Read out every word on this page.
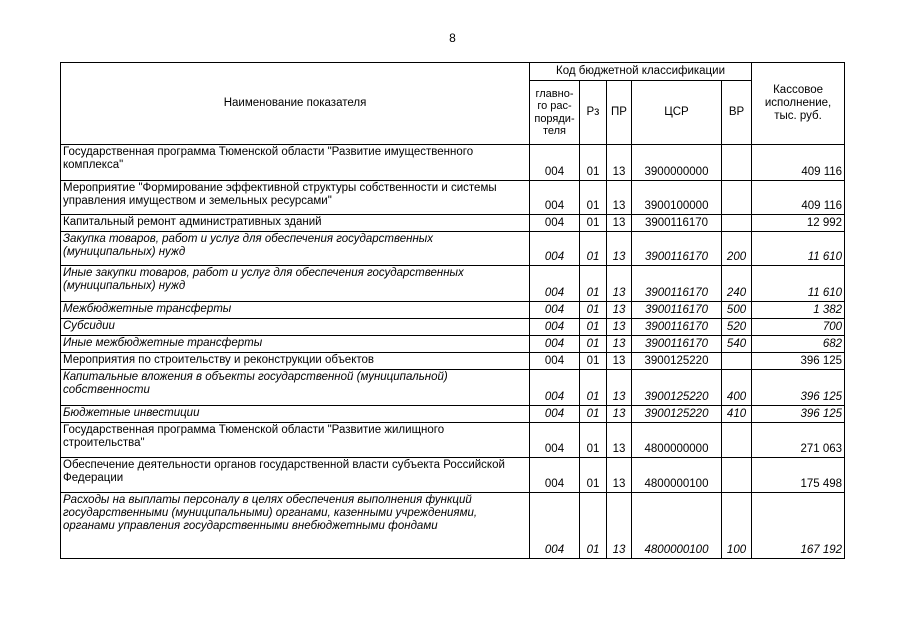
8
Наименование показателя	Код бюджетной классификации					Кассовое исполнение, тыс. руб.
	главно-го рас-поряди-теля	Рз	ПР	ЦСР	ВР	
Государственная программа Тюменской области "Развитие имущественного комплекса"	004	01	13	3900000000		409 116
Мероприятие "Формирование эффективной структуры собственности и системы управления имуществом и земельных ресурсами"	004	01	13	3900100000		409 116
Капитальный ремонт административных зданий	004	01	13	3900116170		12 992
Закупка товаров, работ и услуг для обеспечения государственных (муниципальных) нужд	004	01	13	3900116170	200	11 610
Иные закупки товаров, работ и услуг для обеспечения государственных (муниципальных) нужд	004	01	13	3900116170	240	11 610
Межбюджетные трансферты	004	01	13	3900116170	500	1 382
Субсидии	004	01	13	3900116170	520	700
Иные межбюджетные трансферты	004	01	13	3900116170	540	682
Мероприятия по строительству и реконструкции объектов	004	01	13	3900125220		396 125
Капитальные вложения в объекты государственной (муниципальной) собственности	004	01	13	3900125220	400	396 125
Бюджетные инвестиции	004	01	13	3900125220	410	396 125
Государственная программа Тюменской области "Развитие жилищного строительства"	004	01	13	4800000000		271 063
Обеспечение деятельности органов государственной власти субъекта Российской Федерации	004	01	13	4800000100		175 498
Расходы на выплаты персоналу в целях обеспечения выполнения функций государственными (муниципальными) органами, казенными учреждениями, органами управления государственными внебюджетными фондами	004	01	13	4800000100	100	167 192
